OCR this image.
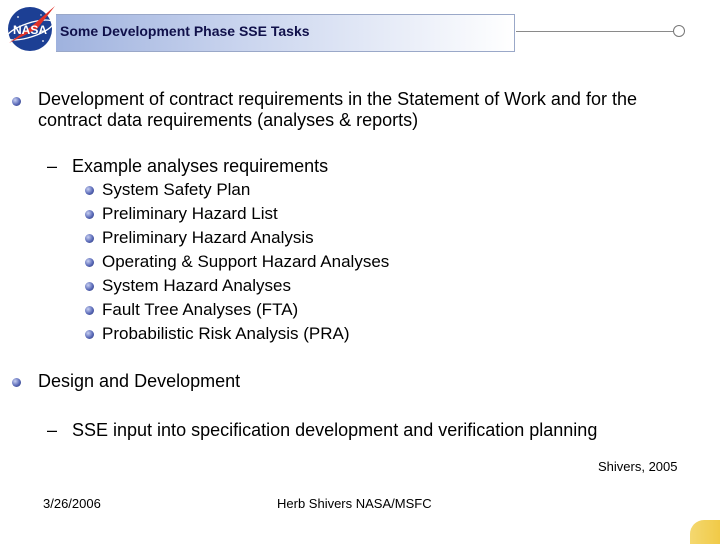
NASA Some Development Phase SSE Tasks
Development of contract requirements in the Statement of Work and for the contract data requirements (analyses & reports)
– Example analyses requirements
System Safety Plan
Preliminary Hazard List
Preliminary Hazard Analysis
Operating & Support Hazard Analyses
System Hazard Analyses
Fault Tree Analyses (FTA)
Probabilistic Risk Analysis (PRA)
Design and Development
– SSE input into specification development and verification planning
Shivers, 2005
3/26/2006	Herb Shivers NASA/MSFC
